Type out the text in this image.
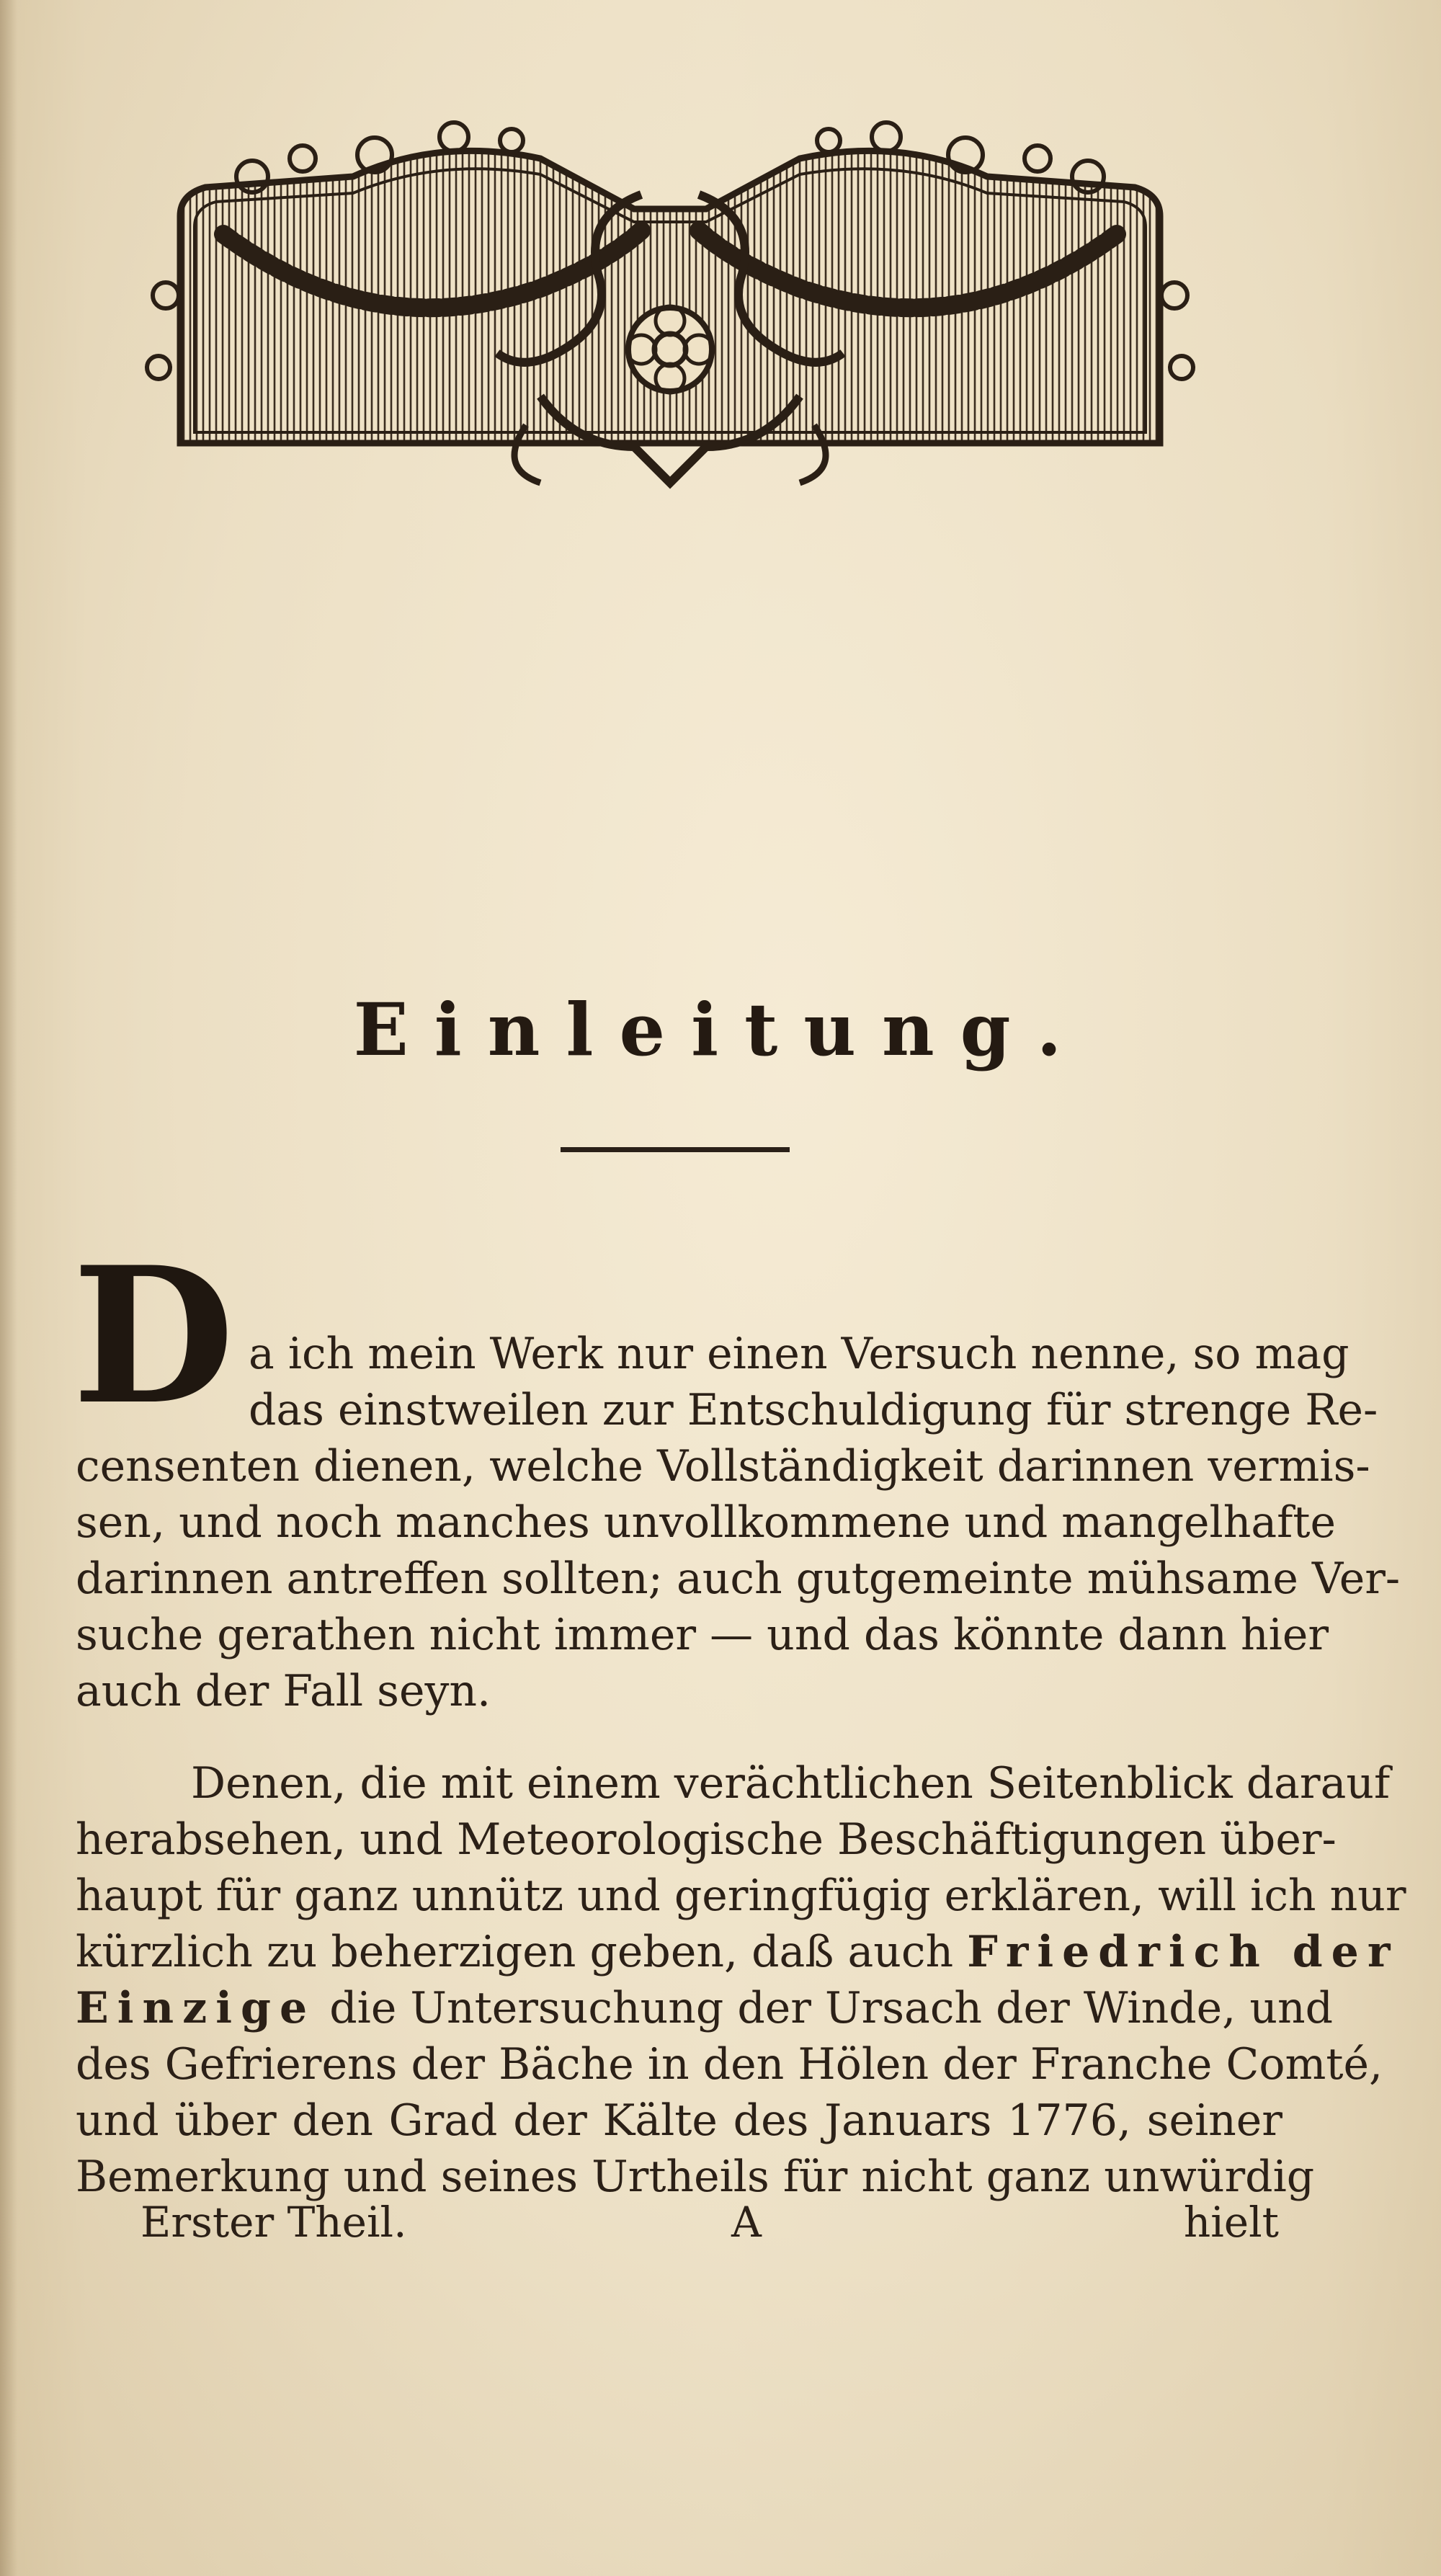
Einleitung.
D a ich mein Werk nur einen Versuch nenne, so mag
das einstweilen zur Entschuldigung für strenge Re-
censenten dienen, welche Vollständigkeit darinnen vermis-
sen, und noch manches unvollkommene und mangelhafte
darinnen antreffen sollten; auch gutgemeinte mühsame Ver-
suche gerathen nicht immer — und das könnte dann hier
auch der Fall seyn.
Denen, die mit einem verächtlichen Seitenblick darauf
herabsehen, und Meteorologische Beschäftigungen über-
haupt für ganz unnütz und geringfügig erklären, will ich nur
kürzlich zu beherzigen geben, daß auch Friedrich der
Einzige die Untersuchung der Ursach der Winde, und
des Gefrierens der Bäche in den Hölen der Franche Comté,
und über den Grad der Kälte des Januars 1776, seiner
Bemerkung und seines Urtheils für nicht ganz unwürdig
Erster Theil.	A	hielt
